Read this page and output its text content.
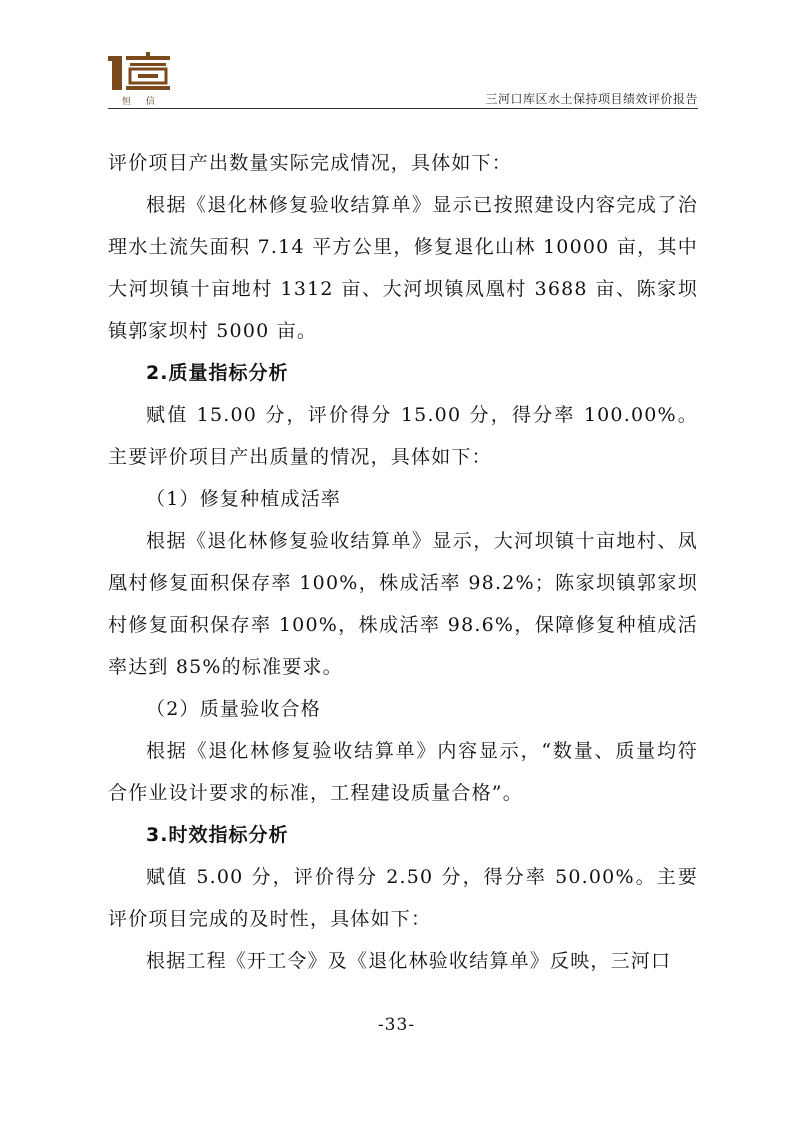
恒 信	三河口库区水土保持项目绩效评价报告

评价项目产出数量实际完成情况，具体如下：

根据《退化林修复验收结算单》显示已按照建设内容完成了治理水土流失面积 7.14 平方公里，修复退化山林 10000 亩，其中大河坝镇十亩地村 1312 亩、大河坝镇凤凰村 3688 亩、陈家坝镇郭家坝村 5000 亩。

2.质量指标分析

赋值 15.00 分，评价得分 15.00 分，得分率 100.00%。主要评价项目产出质量的情况，具体如下：

（1）修复种植成活率

根据《退化林修复验收结算单》显示，大河坝镇十亩地村、凤凰村修复面积保存率 100%，株成活率 98.2%；陈家坝镇郭家坝村修复面积保存率 100%，株成活率 98.6%，保障修复种植成活率达到 85%的标准要求。

（2）质量验收合格

根据《退化林修复验收结算单》内容显示，“数量、质量均符合作业设计要求的标准，工程建设质量合格”。

3.时效指标分析

赋值 5.00 分，评价得分 2.50 分，得分率 50.00%。主要评价项目完成的及时性，具体如下：

根据工程《开工令》及《退化林验收结算单》反映，三河口

-33-
